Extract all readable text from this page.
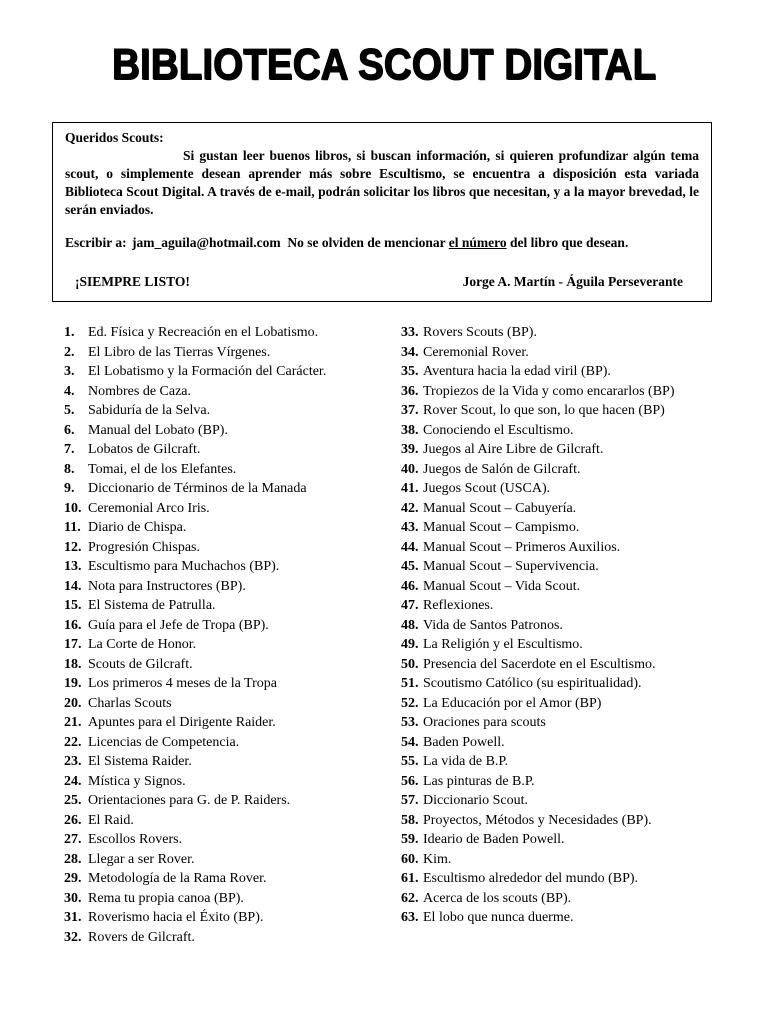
BIBLIOTECA SCOUT DIGITAL
Queridos Scouts:

Si gustan leer buenos libros, si buscan información, si quieren profundizar algún tema scout, o simplemente desean aprender más sobre Escultismo, se encuentra a disposición esta variada Biblioteca Scout Digital. A través de e-mail, podrán solicitar los libros que necesitan, y a la mayor brevedad, le serán enviados.

Escribir a: jam_aguila@hotmail.com No se olviden de mencionar el número del libro que desean.
¡SIEMPRE LISTO!	Jorge A. Martín - Águila Perseverante
1. Ed. Física y Recreación en el Lobatismo.
2. El Libro de las Tierras Vírgenes.
3. El Lobatismo y la Formación del Carácter.
4. Nombres de Caza.
5. Sabiduría de la Selva.
6. Manual del Lobato (BP).
7. Lobatos de Gilcraft.
8. Tomai, el de los Elefantes.
9. Diccionario de Términos de la Manada
10. Ceremonial Arco Iris.
11. Diario de Chispa.
12. Progresión Chispas.
13. Escultismo para Muchachos (BP).
14. Nota para Instructores (BP).
15. El Sistema de Patrulla.
16. Guía para el Jefe de Tropa (BP).
17. La Corte de Honor.
18. Scouts de Gilcraft.
19. Los primeros 4 meses de la Tropa
20. Charlas Scouts
21. Apuntes para el Dirigente Raider.
22. Licencias de Competencia.
23. El Sistema Raider.
24. Mística y Signos.
25. Orientaciones para G. de P. Raiders.
26. El Raid.
27. Escollos Rovers.
28. Llegar a ser Rover.
29. Metodología de la Rama Rover.
30. Rema tu propia canoa (BP).
31. Roverismo hacia el Éxito (BP).
32. Rovers de Gilcraft.
33. Rovers Scouts (BP).
34. Ceremonial Rover.
35. Aventura hacia la edad viril (BP).
36. Tropiezos de la Vida y como encararlos (BP)
37. Rover Scout, lo que son, lo que hacen (BP)
38. Conociendo el Escultismo.
39. Juegos al Aire Libre de Gilcraft.
40. Juegos de Salón de Gilcraft.
41. Juegos Scout (USCA).
42. Manual Scout – Cabuyería.
43. Manual Scout – Campismo.
44. Manual Scout – Primeros Auxilios.
45. Manual Scout – Supervivencia.
46. Manual Scout – Vida Scout.
47. Reflexiones.
48. Vida de Santos Patronos.
49. La Religión y el Escultismo.
50. Presencia del Sacerdote en el Escultismo.
51. Scoutismo Católico (su espiritualidad).
52. La Educación por el Amor (BP)
53. Oraciones para scouts
54. Baden Powell.
55. La vida de B.P.
56. Las pinturas de B.P.
57. Diccionario Scout.
58. Proyectos, Métodos y Necesidades (BP).
59. Ideario de Baden Powell.
60. Kim.
61. Escultismo alrededor del mundo (BP).
62. Acerca de los scouts (BP).
63. El lobo que nunca duerme.
